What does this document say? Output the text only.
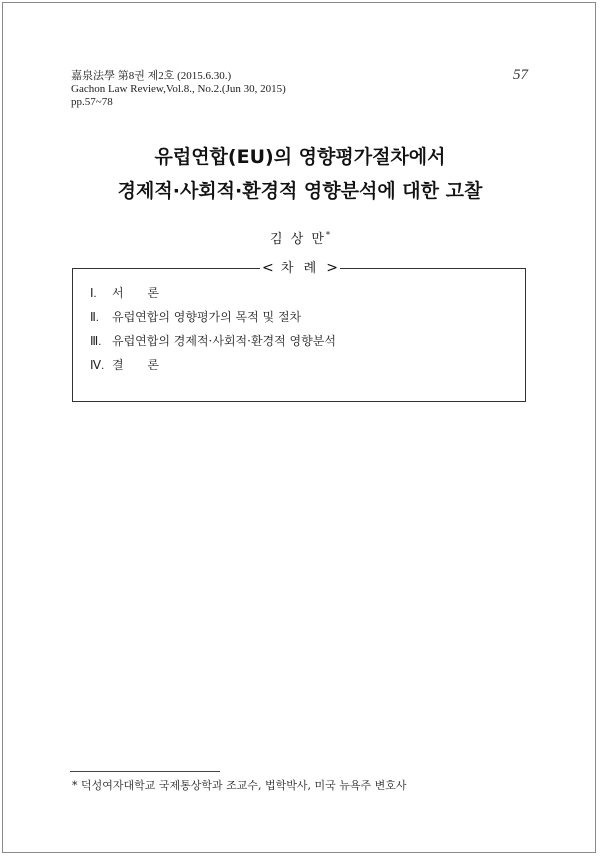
嘉泉法學 第8권 제2호 (2015.6.30.)
Gachon Law Review,Vol.8., No.2.(Jun 30, 2015)
pp.57~78
57
유럽연합(EU)의 영향평가절차에서
경제적·사회적·환경적 영향분석에 대한 고찰
김 상 만*
< 차 례 >
Ⅰ. 서 론
Ⅱ. 유럽연합의 영향평가의 목적 및 절차
Ⅲ. 유럽연합의 경제적·사회적·환경적 영향분석
Ⅳ. 결 론
* 덕성여자대학교 국제통상학과 조교수, 법학박사, 미국 뉴욕주 변호사
